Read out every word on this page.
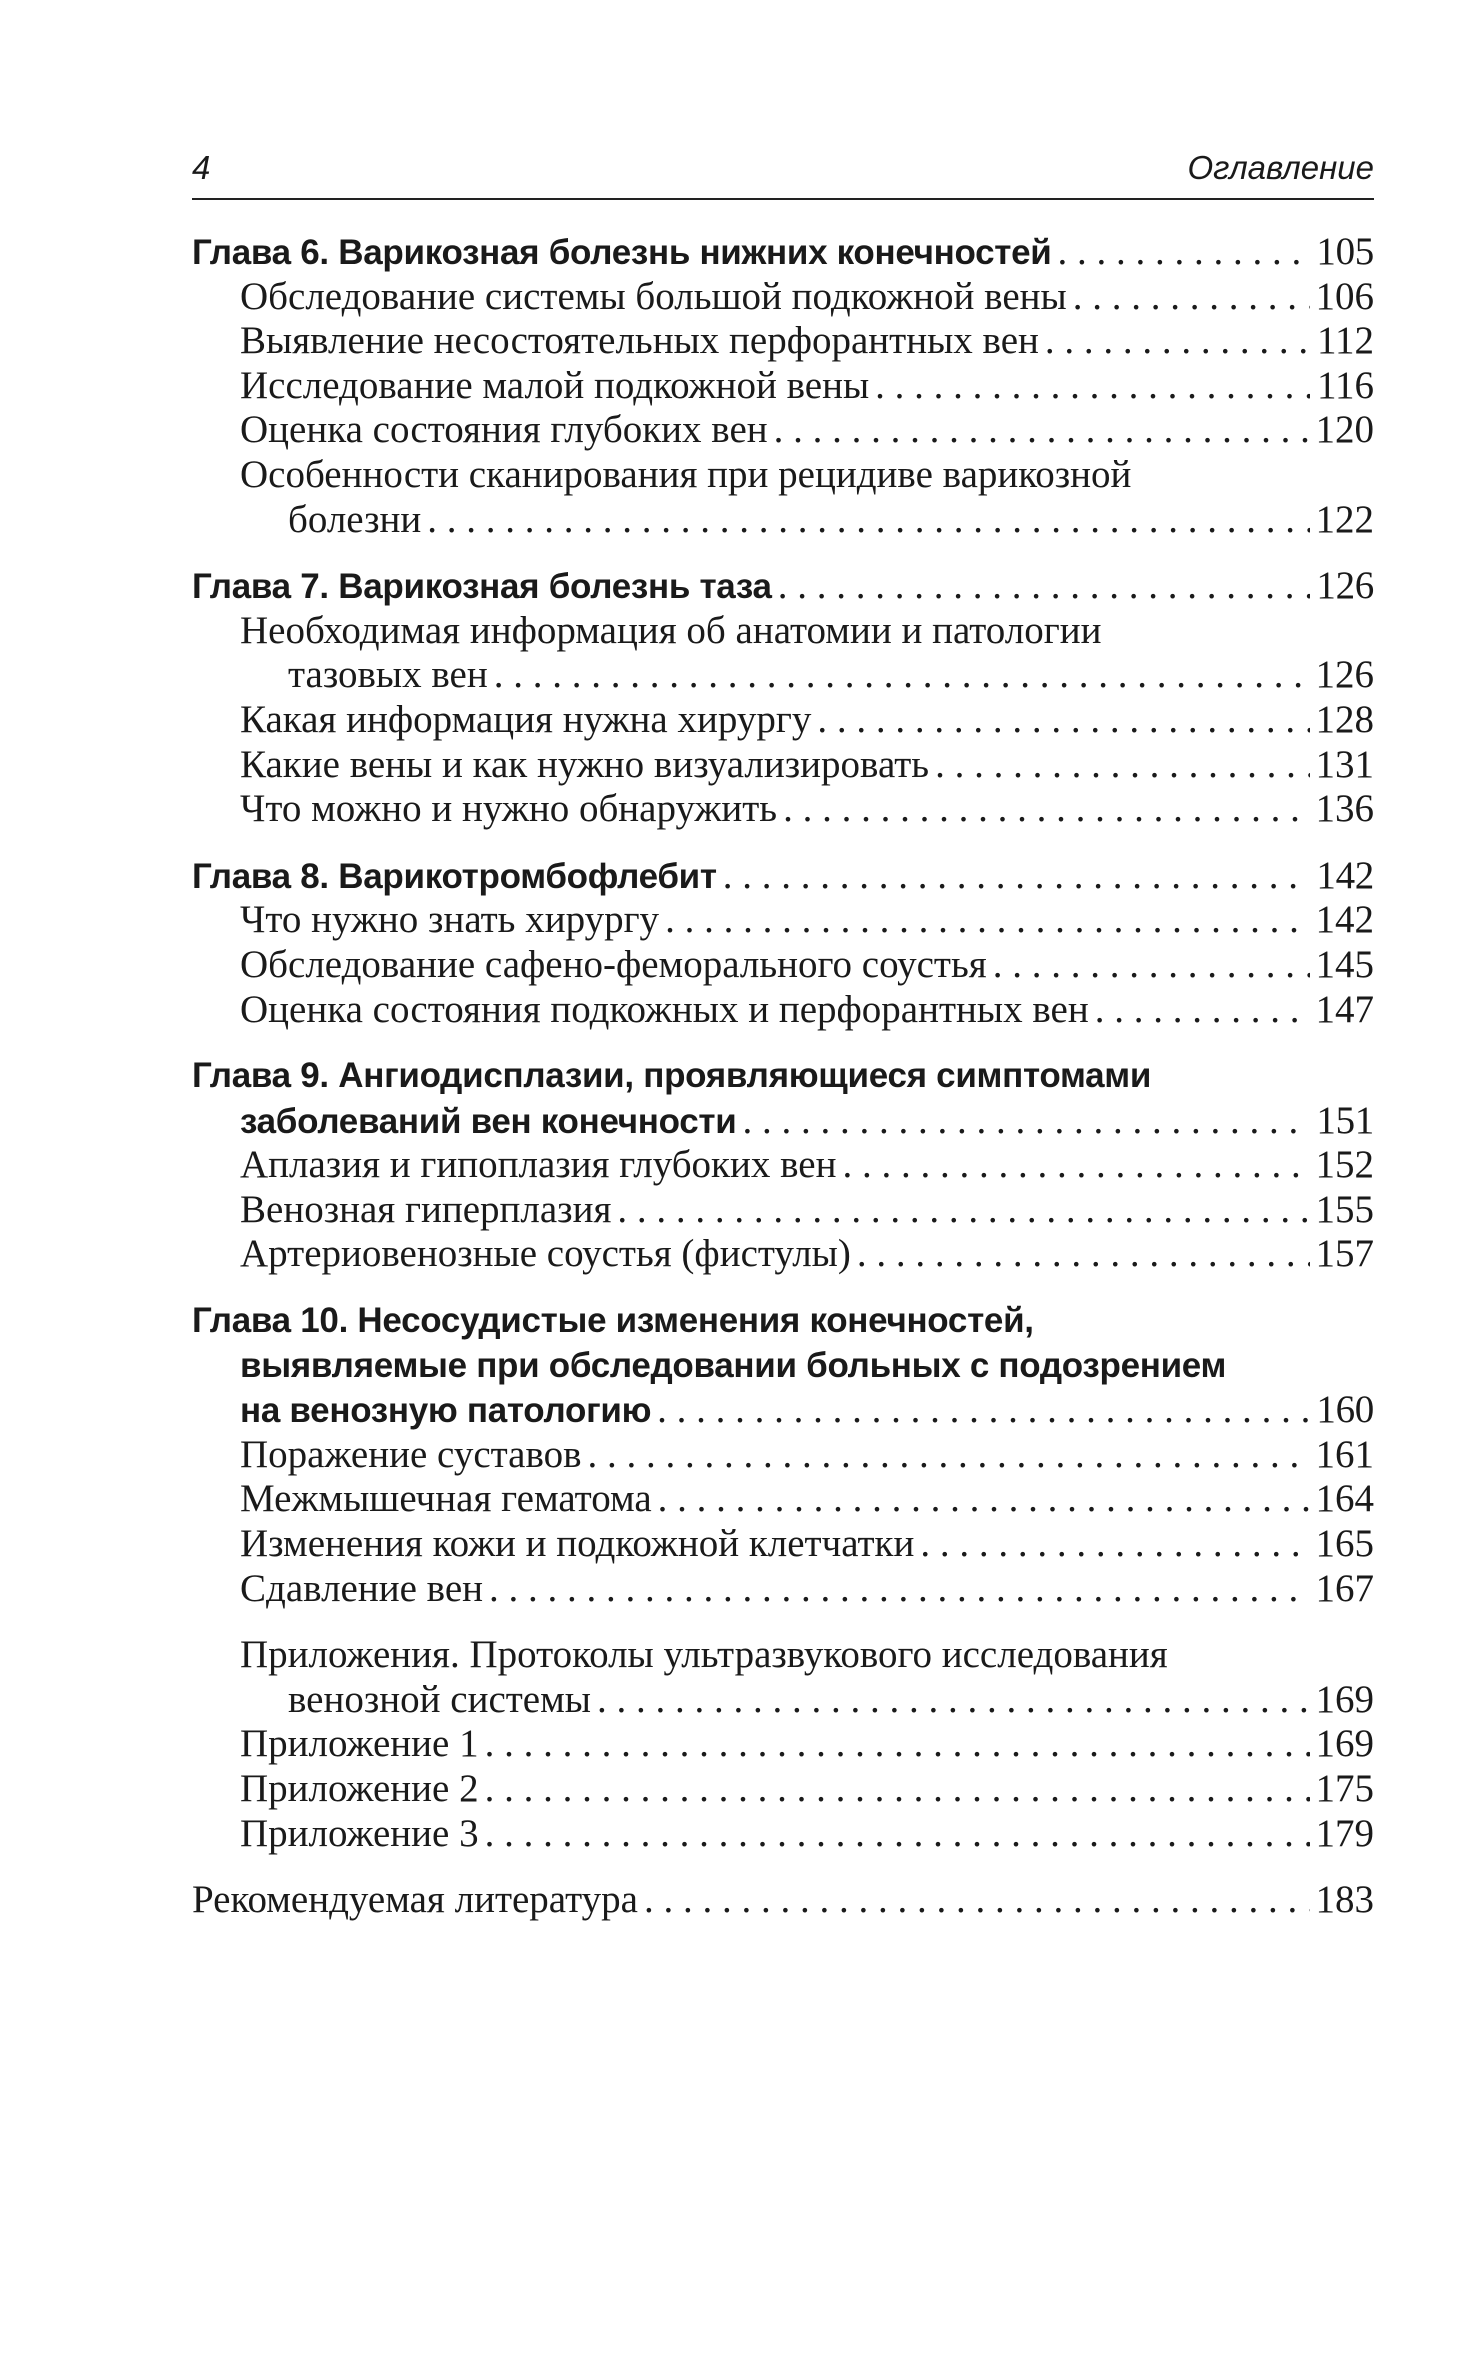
4	Оглавление
Глава 6. Варикозная болезнь нижних конечностей . . .	105
Обследование системы большой подкожной вены . . .	106
Выявление несостоятельных перфорантных вен . . .	112
Исследование малой подкожной вены . . .	116
Оценка состояния глубоких вен . . .	120
Особенности сканирования при рецидиве варикозной
болезни . . .	122
Глава 7. Варикозная болезнь таза . . .	126
Необходимая информация об анатомии и патологии
тазовых вен . . .	126
Какая информация нужна хирургу . . .	128
Какие вены и как нужно визуализировать . . .	131
Что можно и нужно обнаружить . . .	136
Глава 8. Варикотромбофлебит . . .	142
Что нужно знать хирургу . . .	142
Обследование сафено-феморального соустья . . .	145
Оценка состояния подкожных и перфорантных вен . . .	147
Глава 9. Ангиодисплазии, проявляющиеся симптомами
заболеваний вен конечности . . .	151
Аплазия и гипоплазия глубоких вен . . .	152
Венозная гиперплазия . . .	155
Артериовенозные соустья (фистулы) . . .	157
Глава 10. Несосудистые изменения конечностей,
выявляемые при обследовании больных с подозрением
на венозную патологию . . .	160
Поражение суставов . . .	161
Межмышечная гематома . . .	164
Изменения кожи и подкожной клетчатки . . .	165
Сдавление вен . . .	167
Приложения. Протоколы ультразвукового исследования
венозной системы . . .	169
Приложение 1 . . .	169
Приложение 2 . . .	175
Приложение 3 . . .	179
Рекомендуемая литература . . .	183
